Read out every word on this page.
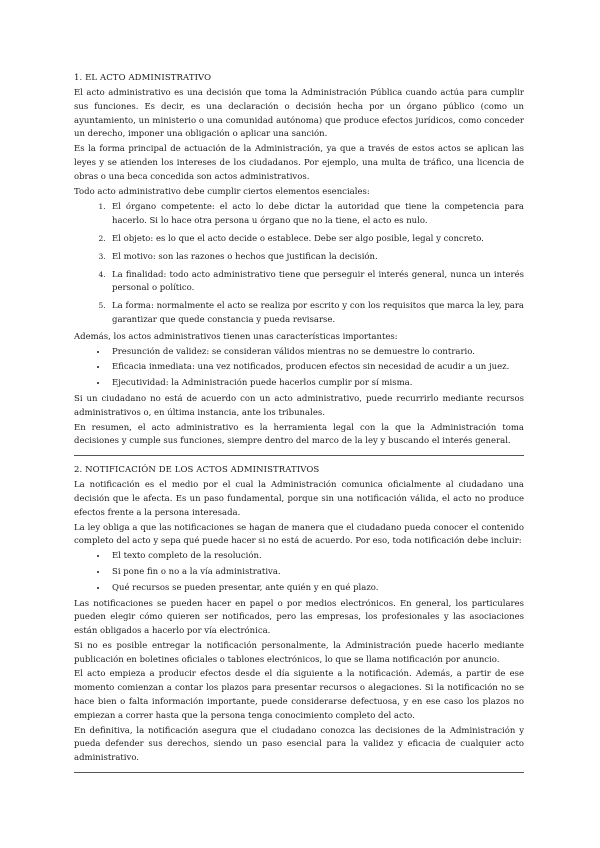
1. EL ACTO ADMINISTRATIVO

El acto administrativo es una decisión que toma la Administración Pública cuando actúa para cumplir sus funciones. Es decir, es una declaración o decisión hecha por un órgano público (como un ayuntamiento, un ministerio o una comunidad autónoma) que produce efectos jurídicos, como conceder un derecho, imponer una obligación o aplicar una sanción.

Es la forma principal de actuación de la Administración, ya que a través de estos actos se aplican las leyes y se atienden los intereses de los ciudadanos. Por ejemplo, una multa de tráfico, una licencia de obras o una beca concedida son actos administrativos.

Todo acto administrativo debe cumplir ciertos elementos esenciales:

1. El órgano competente: el acto lo debe dictar la autoridad que tiene la competencia para hacerlo. Si lo hace otra persona u órgano que no la tiene, el acto es nulo.
2. El objeto: es lo que el acto decide o establece. Debe ser algo posible, legal y concreto.
3. El motivo: son las razones o hechos que justifican la decisión.
4. La finalidad: todo acto administrativo tiene que perseguir el interés general, nunca un interés personal o político.
5. La forma: normalmente el acto se realiza por escrito y con los requisitos que marca la ley, para garantizar que quede constancia y pueda revisarse.

Además, los actos administrativos tienen unas características importantes:

• Presunción de validez: se consideran válidos mientras no se demuestre lo contrario.
• Eficacia inmediata: una vez notificados, producen efectos sin necesidad de acudir a un juez.
• Ejecutividad: la Administración puede hacerlos cumplir por sí misma.

Si un ciudadano no está de acuerdo con un acto administrativo, puede recurrirlo mediante recursos administrativos o, en última instancia, ante los tribunales.

En resumen, el acto administrativo es la herramienta legal con la que la Administración toma decisiones y cumple sus funciones, siempre dentro del marco de la ley y buscando el interés general.

2. NOTIFICACIÓN DE LOS ACTOS ADMINISTRATIVOS

La notificación es el medio por el cual la Administración comunica oficialmente al ciudadano una decisión que le afecta. Es un paso fundamental, porque sin una notificación válida, el acto no produce efectos frente a la persona interesada.

La ley obliga a que las notificaciones se hagan de manera que el ciudadano pueda conocer el contenido completo del acto y sepa qué puede hacer si no está de acuerdo. Por eso, toda notificación debe incluir:

• El texto completo de la resolución.
• Si pone fin o no a la vía administrativa.
• Qué recursos se pueden presentar, ante quién y en qué plazo.

Las notificaciones se pueden hacer en papel o por medios electrónicos. En general, los particulares pueden elegir cómo quieren ser notificados, pero las empresas, los profesionales y las asociaciones están obligados a hacerlo por vía electrónica.

Si no es posible entregar la notificación personalmente, la Administración puede hacerlo mediante publicación en boletines oficiales o tablones electrónicos, lo que se llama notificación por anuncio.

El acto empieza a producir efectos desde el día siguiente a la notificación. Además, a partir de ese momento comienzan a contar los plazos para presentar recursos o alegaciones. Si la notificación no se hace bien o falta información importante, puede considerarse defectuosa, y en ese caso los plazos no empiezan a correr hasta que la persona tenga conocimiento completo del acto.

En definitiva, la notificación asegura que el ciudadano conozca las decisiones de la Administración y pueda defender sus derechos, siendo un paso esencial para la validez y eficacia de cualquier acto administrativo.
